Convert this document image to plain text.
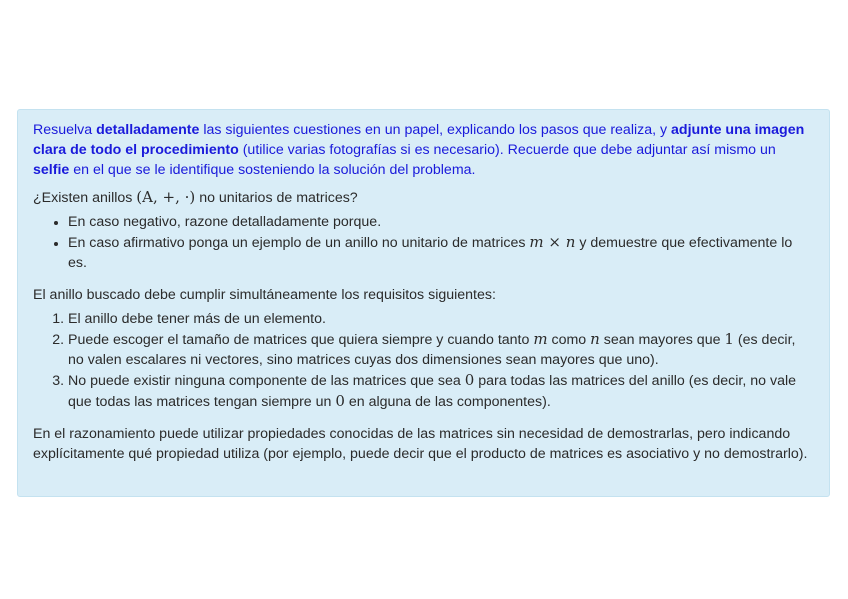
Resuelva detalladamente las siguientes cuestiones en un papel, explicando los pasos que realiza, y adjunte una imagen clara de todo el procedimiento (utilice varias fotografías si es necesario). Recuerde que debe adjuntar así mismo un selfie en el que se le identifique sosteniendo la solución del problema.

¿Existen anillos (A, +, ·) no unitarios de matrices?

• En caso negativo, razone detalladamente porque.
• En caso afirmativo ponga un ejemplo de un anillo no unitario de matrices m × n y demuestre que efectivamente lo es.

El anillo buscado debe cumplir simultáneamente los requisitos siguientes:

1. El anillo debe tener más de un elemento.
2. Puede escoger el tamaño de matrices que quiera siempre y cuando tanto m como n sean mayores que 1 (es decir, no valen escalares ni vectores, sino matrices cuyas dos dimensiones sean mayores que uno).
3. No puede existir ninguna componente de las matrices que sea 0 para todas las matrices del anillo (es decir, no vale que todas las matrices tengan siempre un 0 en alguna de las componentes).

En el razonamiento puede utilizar propiedades conocidas de las matrices sin necesidad de demostrarlas, pero indicando explícitamente qué propiedad utiliza (por ejemplo, puede decir que el producto de matrices es asociativo y no demostrarlo).
